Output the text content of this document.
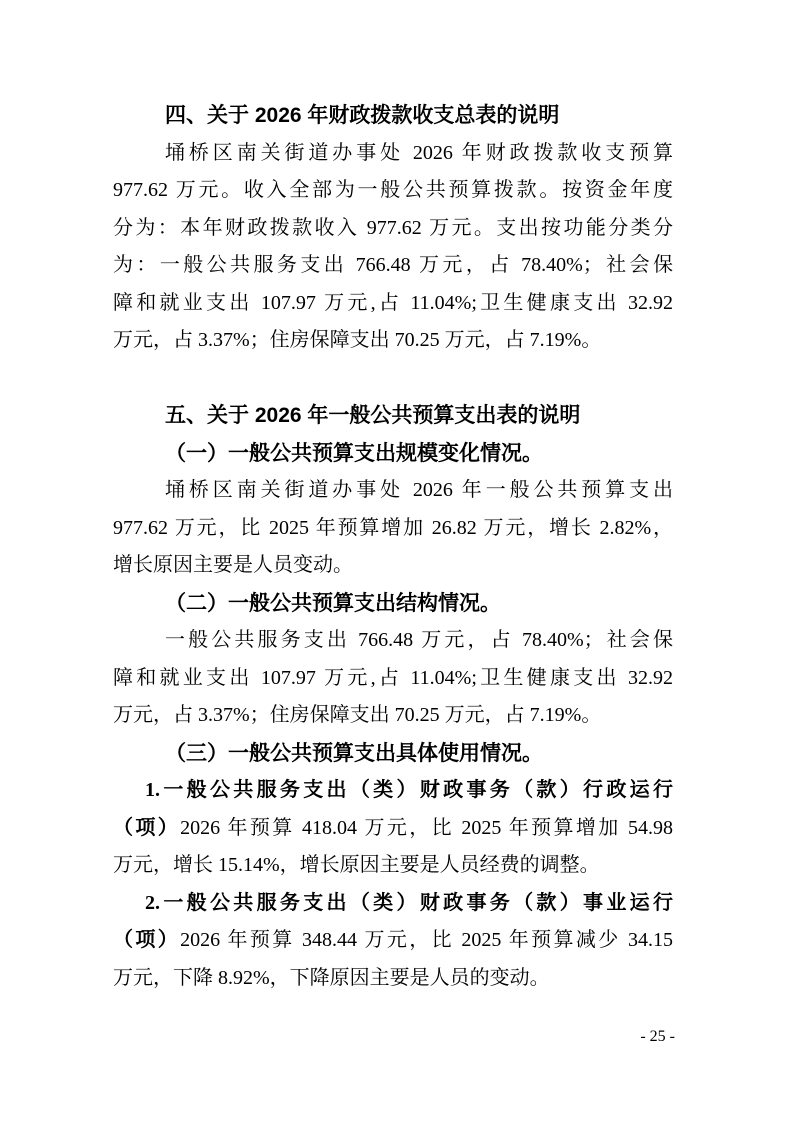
四、关于 2026 年财政拨款收支总表的说明
埇桥区南关街道办事处 2026 年财政拨款收支预算
977.62 万元。收入全部为一般公共预算拨款。按资金年度
分为：本年财政拨款收入 977.62 万元。支出按功能分类分
为：一般公共服务支出 766.48 万元，占 78.40%；社会保
障和就业支出 107.97 万元,占 11.04%;卫生健康支出 32.92
万元，占 3.37%；住房保障支出 70.25 万元，占 7.19%。
五、关于 2026 年一般公共预算支出表的说明
（一）一般公共预算支出规模变化情况。
埇桥区南关街道办事处 2026 年一般公共预算支出
977.62 万元，比 2025 年预算增加 26.82 万元，增长 2.82%，
增长原因主要是人员变动。
（二）一般公共预算支出结构情况。
一般公共服务支出 766.48 万元，占 78.40%；社会保
障和就业支出 107.97 万元,占 11.04%;卫生健康支出 32.92
万元，占 3.37%；住房保障支出 70.25 万元，占 7.19%。
（三）一般公共预算支出具体使用情况。
1.一般公共服务支出（类）财政事务（款）行政运行
（项）2026 年预算 418.04 万元，比 2025 年预算增加 54.98
万元，增长 15.14%，增长原因主要是人员经费的调整。
2.一般公共服务支出（类）财政事务（款）事业运行
（项）2026 年预算 348.44 万元，比 2025 年预算减少 34.15
万元，下降 8.92%，下降原因主要是人员的变动。
- 25 -
